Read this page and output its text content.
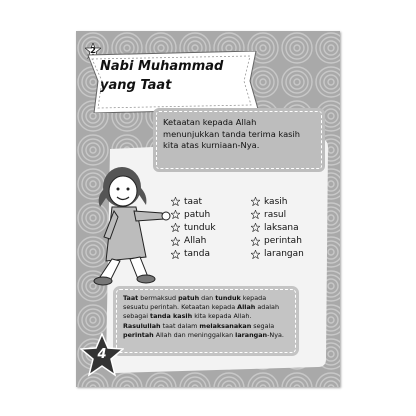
2
Nabi Muhammad
yang Taat
Ketaatan kepada Allah menunjukkan tanda terima kasih kita atas kurniaan-Nya.
taat
patuh
tunduk
Allah
tanda
kasih
rasul
laksana
perintah
larangan
Taat bermaksud patuh dan tunduk kepada sesuatu perintah. Ketaatan kepada Allah adalah sebagai tanda kasih kita kepada Allah. Rasulullah taat dalam melaksanakan segala perintah Allah dan meninggalkan larangan-Nya.
4
